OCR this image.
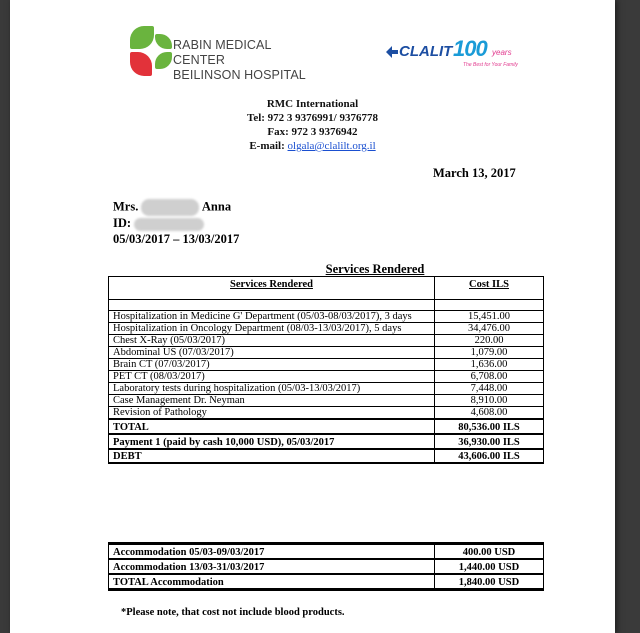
RABIN MEDICAL CENTER
BEILINSON HOSPITAL
CLALIT 100 years
The Best for Your Family
RMC International
Tel: 972 3 9376991/ 9376778
Fax: 972 3 9376942
E-mail: olgala@clalilt.org.il
March 13, 2017
Mrs.	Anna
ID:
05/03/2017 – 13/03/2017
Services Rendered
Services Rendered	Cost ILS

Hospitalization in Medicine G' Department (05/03-08/03/2017), 3 days	15,451.00
Hospitalization in Oncology Department (08/03-13/03/2017), 5 days	34,476.00
Chest X-Ray (05/03/2017)	220.00
Abdominal US (07/03/2017)	1,079.00
Brain CT (07/03/2017)	1,636.00
PET CT (08/03/2017)	6,708.00
Laboratory tests during hospitalization (05/03-13/03/2017)	7,448.00
Case Management Dr. Neyman	8,910.00
Revision of Pathology	4,608.00
TOTAL	80,536.00 ILS
Payment 1 (paid by cash 10,000 USD), 05/03/2017	36,930.00 ILS
DEBT	43,606.00 ILS
Accommodation 05/03-09/03/2017	400.00 USD
Accommodation 13/03-31/03/2017	1,440.00 USD
TOTAL Accommodation	1,840.00 USD
*Please note, that cost not include blood products.
